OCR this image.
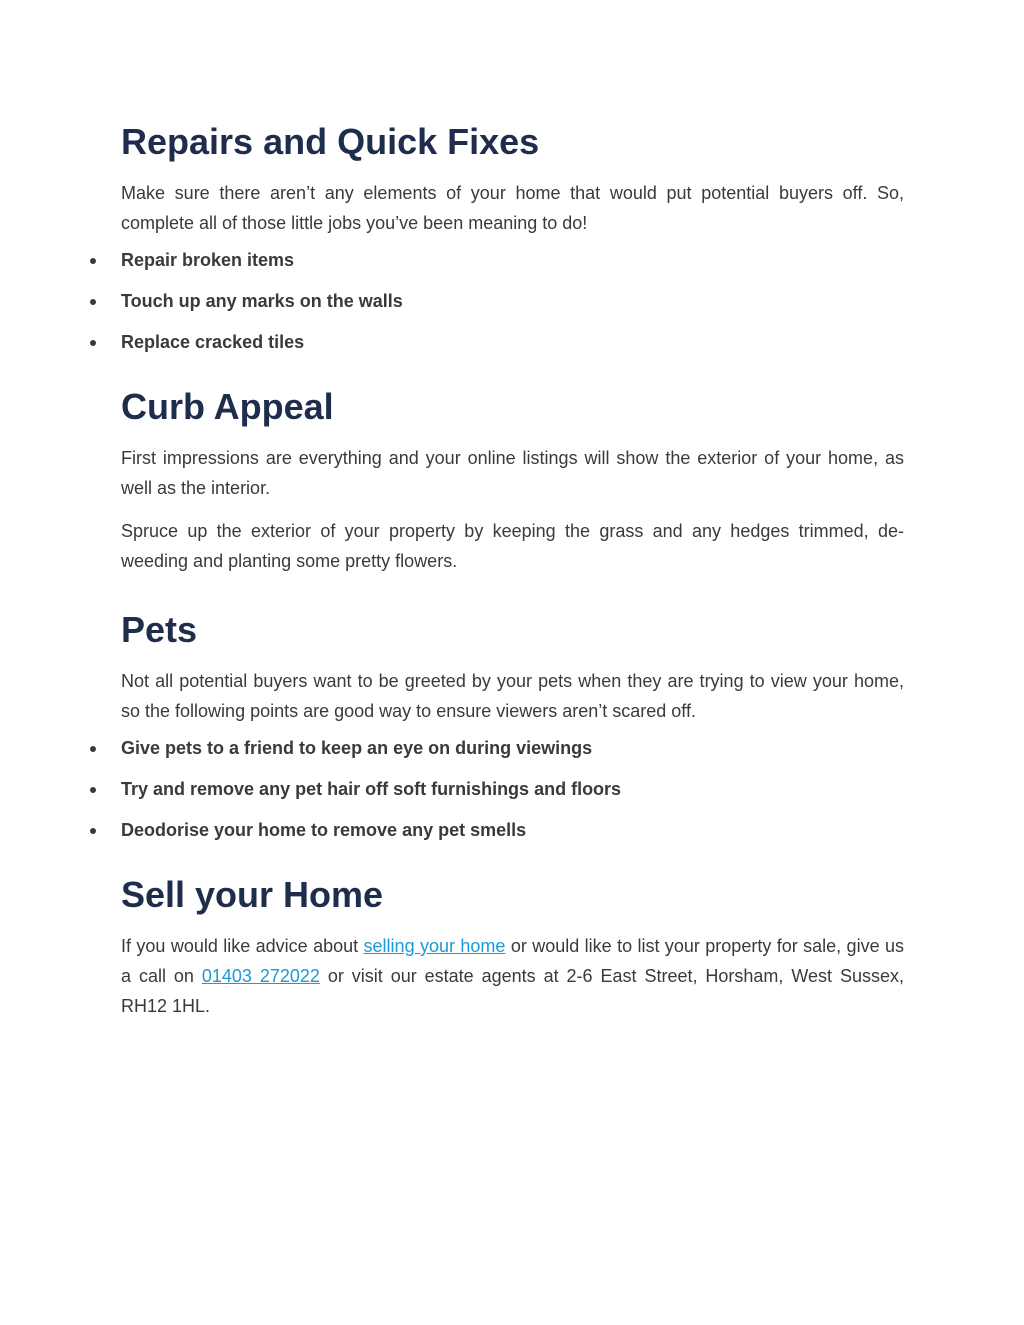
Repairs and Quick Fixes

Make sure there aren’t any elements of your home that would put potential buyers off. So, complete all of those little jobs you’ve been meaning to do!

Repair broken items
Touch up any marks on the walls
Replace cracked tiles
Curb Appeal

First impressions are everything and your online listings will show the exterior of your home, as well as the interior.

Spruce up the exterior of your property by keeping the grass and any hedges trimmed, de-weeding and planting some pretty flowers.

Pets

Not all potential buyers want to be greeted by your pets when they are trying to view your home, so the following points are good way to ensure viewers aren’t scared off.

Give pets to a friend to keep an eye on during viewings
Try and remove any pet hair off soft furnishings and floors
Deodorise your home to remove any pet smells
Sell your Home

If you would like advice about selling your home or would like to list your property for sale, give us a call on 01403 272022 or visit our estate agents at 2-6 East Street, Horsham, West Sussex, RH12 1HL.
